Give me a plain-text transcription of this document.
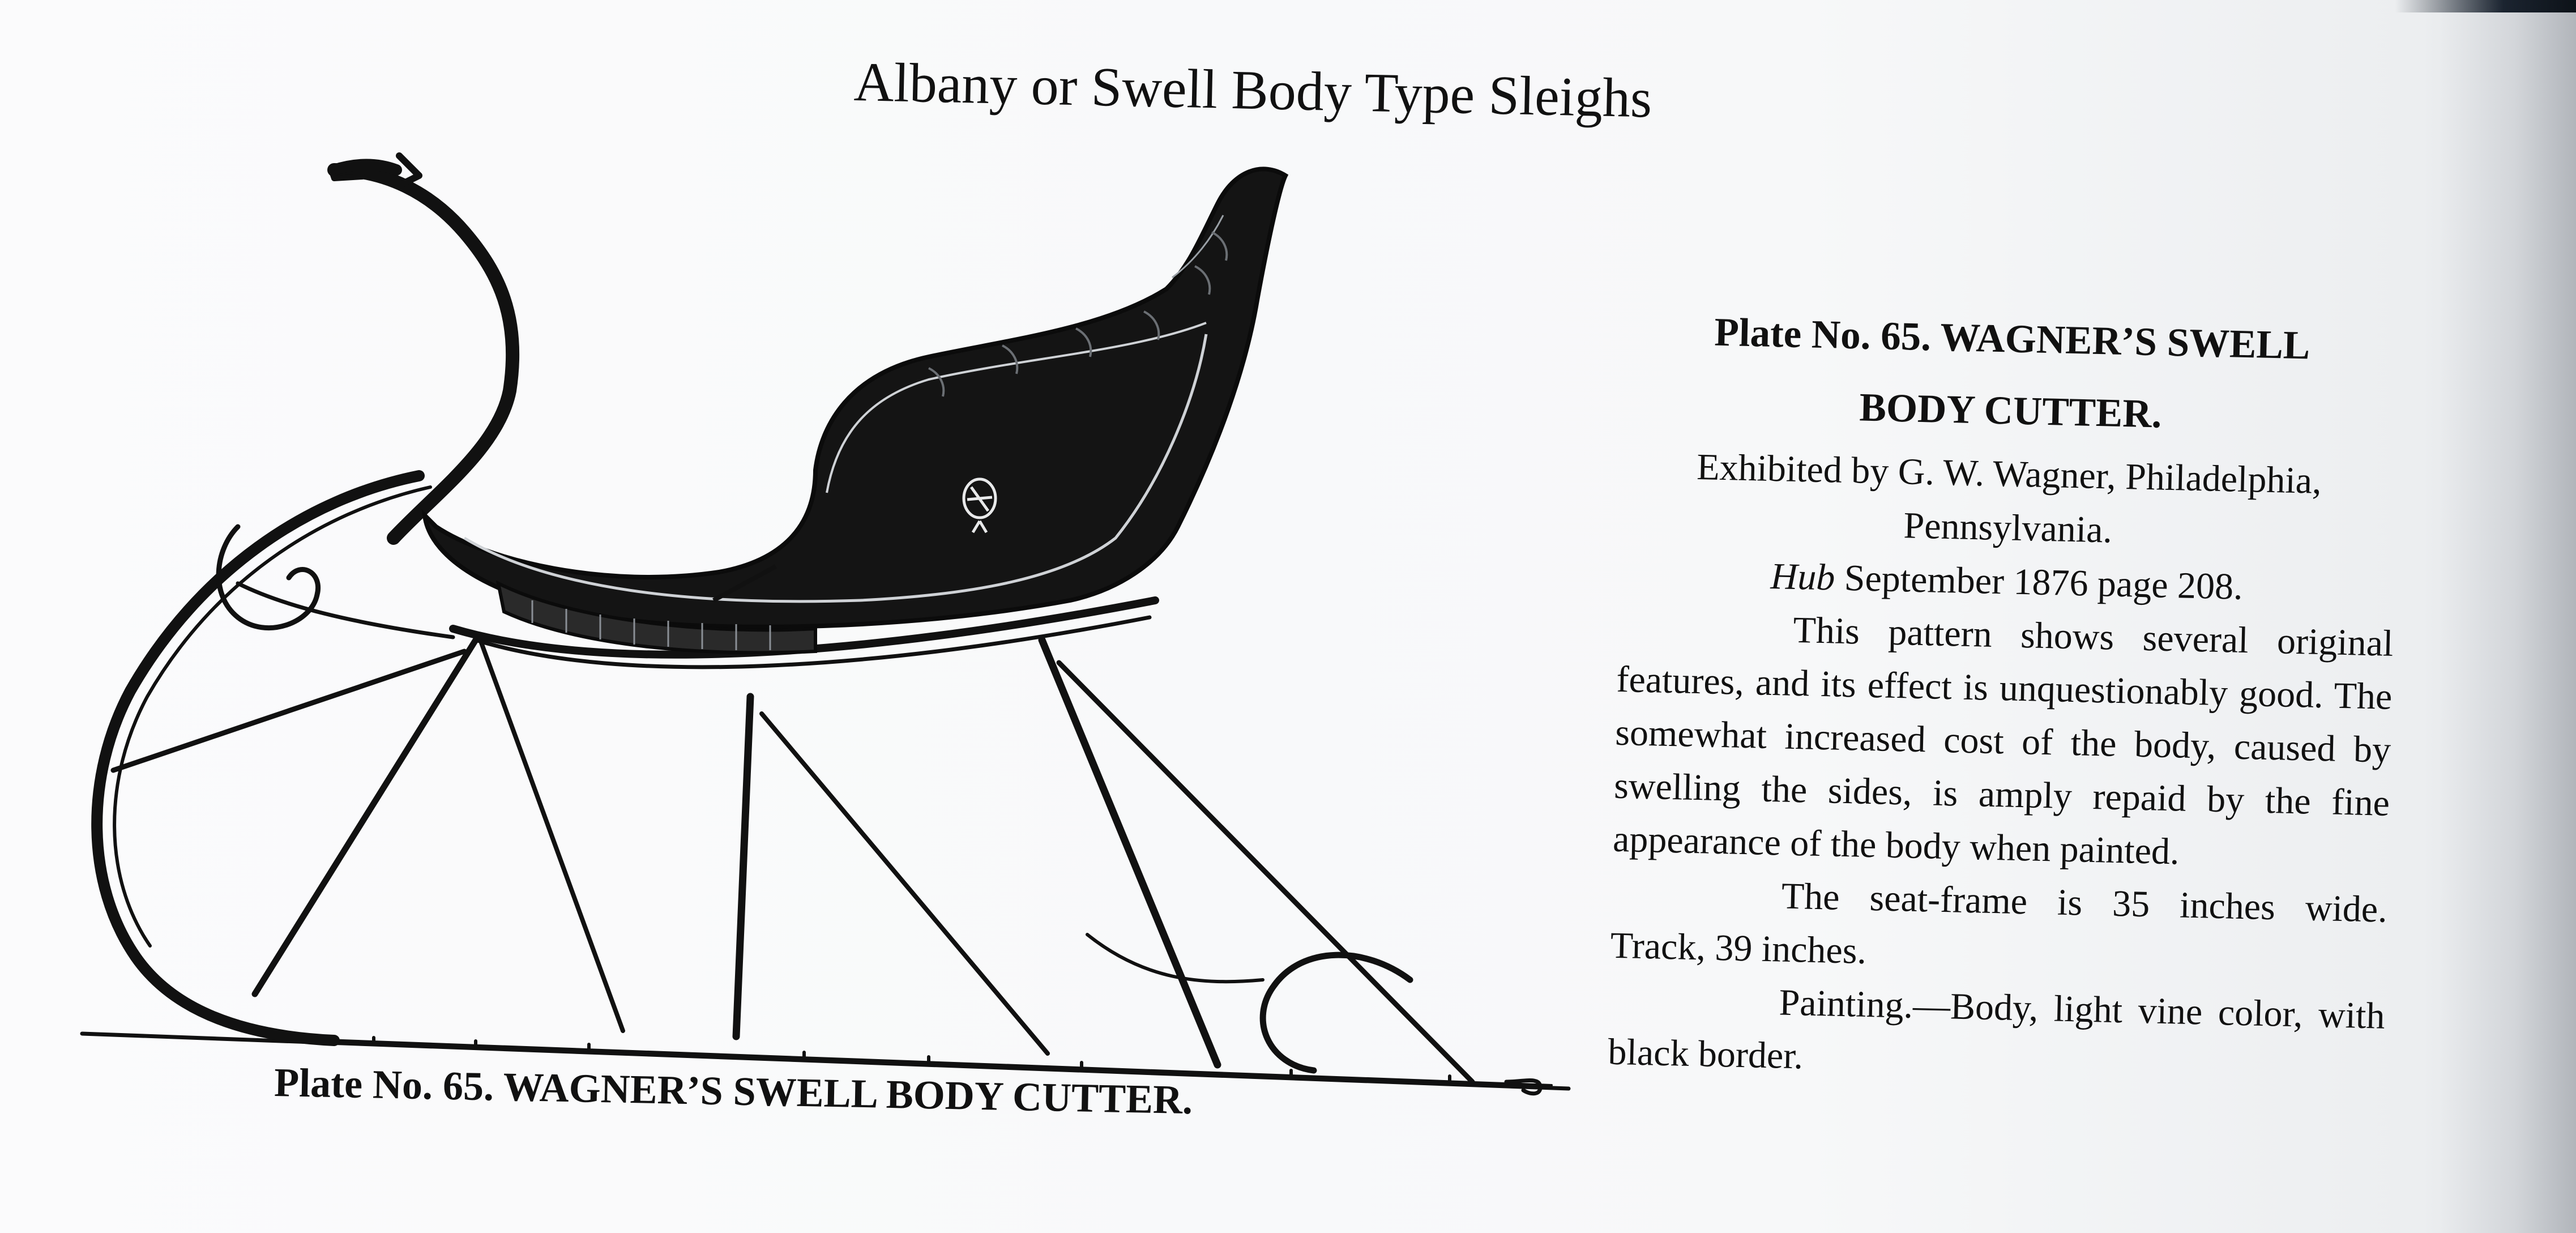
Albany or Swell Body Type Sleighs
Plate No. 65. WAGNER’S SWELL BODY CUTTER.

Plate No. 65. WAGNER’S SWELL

BODY CUTTER.

Exhibited by G. W. Wagner, Philadelphia,

Pennsylvania.

Hub September 1876 page 208.

This pattern shows several original features, and its effect is unquestionably good. The somewhat increased cost of the body, caused by swelling the sides, is amply repaid by the fine appearance of the body when painted.

The seat-frame is 35 inches wide. Track, 39 inches.

Painting.—Body, light vine color, with black border.
